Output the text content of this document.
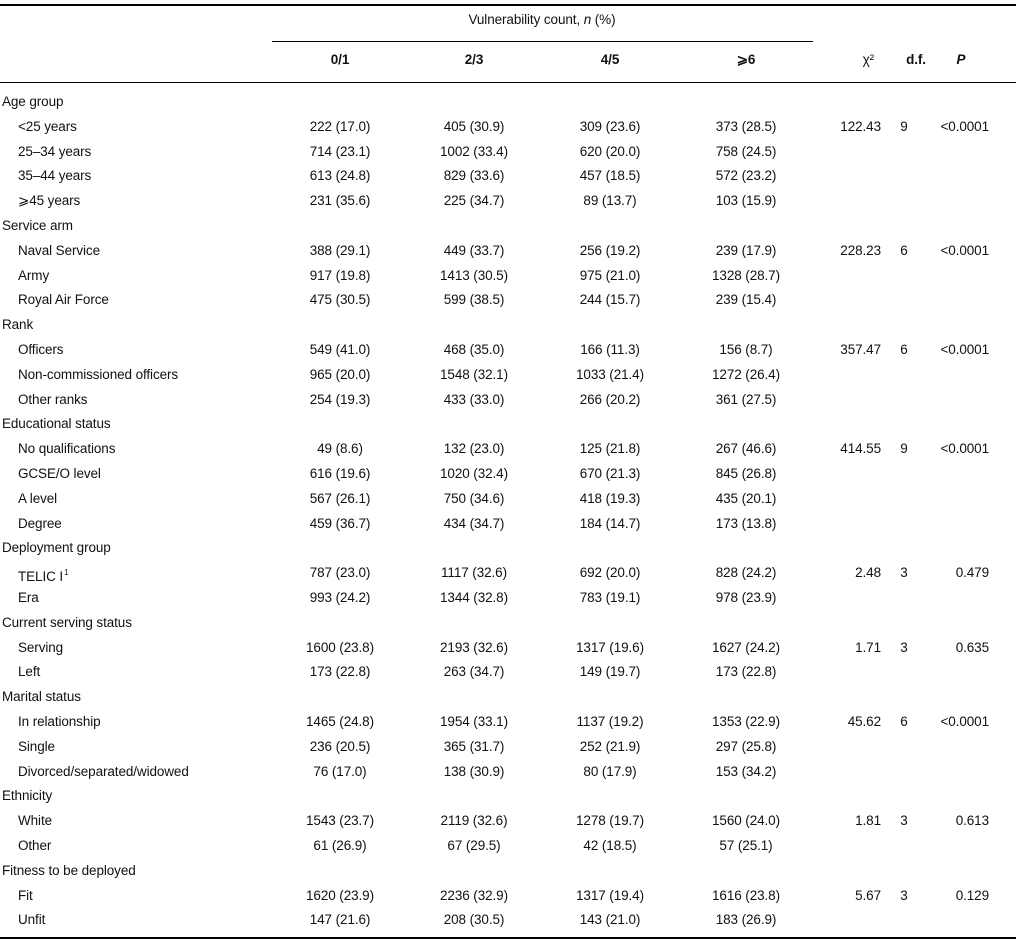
Vulnerability count, n (%)
0/1	2/3	4/5	⩾6	χ² d.f. P
Age group
<25 years	222 (17.0)	405 (30.9)	309 (23.6)	373 (28.5)	122.43 9 <0.0001
25–34 years	714 (23.1)	1002 (33.4)	620 (20.0)	758 (24.5)
35–44 years	613 (24.8)	829 (33.6)	457 (18.5)	572 (23.2)
⩾45 years	231 (35.6)	225 (34.7)	89 (13.7)	103 (15.9)
Service arm
Naval Service	388 (29.1)	449 (33.7)	256 (19.2)	239 (17.9)	228.23 6 <0.0001
Army	917 (19.8)	1413 (30.5)	975 (21.0)	1328 (28.7)
Royal Air Force	475 (30.5)	599 (38.5)	244 (15.7)	239 (15.4)
Rank
Officers	549 (41.0)	468 (35.0)	166 (11.3)	156 (8.7)	357.47 6 <0.0001
Non-commissioned officers	965 (20.0)	1548 (32.1)	1033 (21.4)	1272 (26.4)
Other ranks	254 (19.3)	433 (33.0)	266 (20.2)	361 (27.5)
Educational status
No qualifications	49 (8.6)	132 (23.0)	125 (21.8)	267 (46.6)	414.55 9 <0.0001
GCSE/O level	616 (19.6)	1020 (32.4)	670 (21.3)	845 (26.8)
A level	567 (26.1)	750 (34.6)	418 (19.3)	435 (20.1)
Degree	459 (36.7)	434 (34.7)	184 (14.7)	173 (13.8)
Deployment group
TELIC $I^1$	787 (23.0)	1117 (32.6)	692 (20.0)	828 (24.2)	2.48 3	0.479
Era	993 (24.2)	1344 (32.8)	783 (19.1)	978 (23.9)
Current serving status
Serving	1600 (23.8)	2193 (32.6)	1317 (19.6)	1627 (24.2)	1.71 3	0.635
Left	173 (22.8)	263 (34.7)	149 (19.7)	173 (22.8)
Marital status
In relationship	1465 (24.8)	1954 (33.1)	1137 (19.2)	1353 (22.9)	45.62 6 <0.0001
Single	236 (20.5)	365 (31.7)	252 (21.9)	297 (25.8)
Divorced/separated/widowed	76 (17.0)	138 (30.9)	80 (17.9)	153 (34.2)
Ethnicity
White	1543 (23.7)	2119 (32.6)	1278 (19.7)	1560 (24.0)	1.81 3	0.613
Other	61 (26.9)	67 (29.5)	42 (18.5)	57 (25.1)
Fitness to be deployed
Fit	1620 (23.9)	2236 (32.9)	1317 (19.4)	1616 (23.8)	5.67 3	0.129
Unfit	147 (21.6)	208 (30.5)	143 (21.0)	183 (26.9)
